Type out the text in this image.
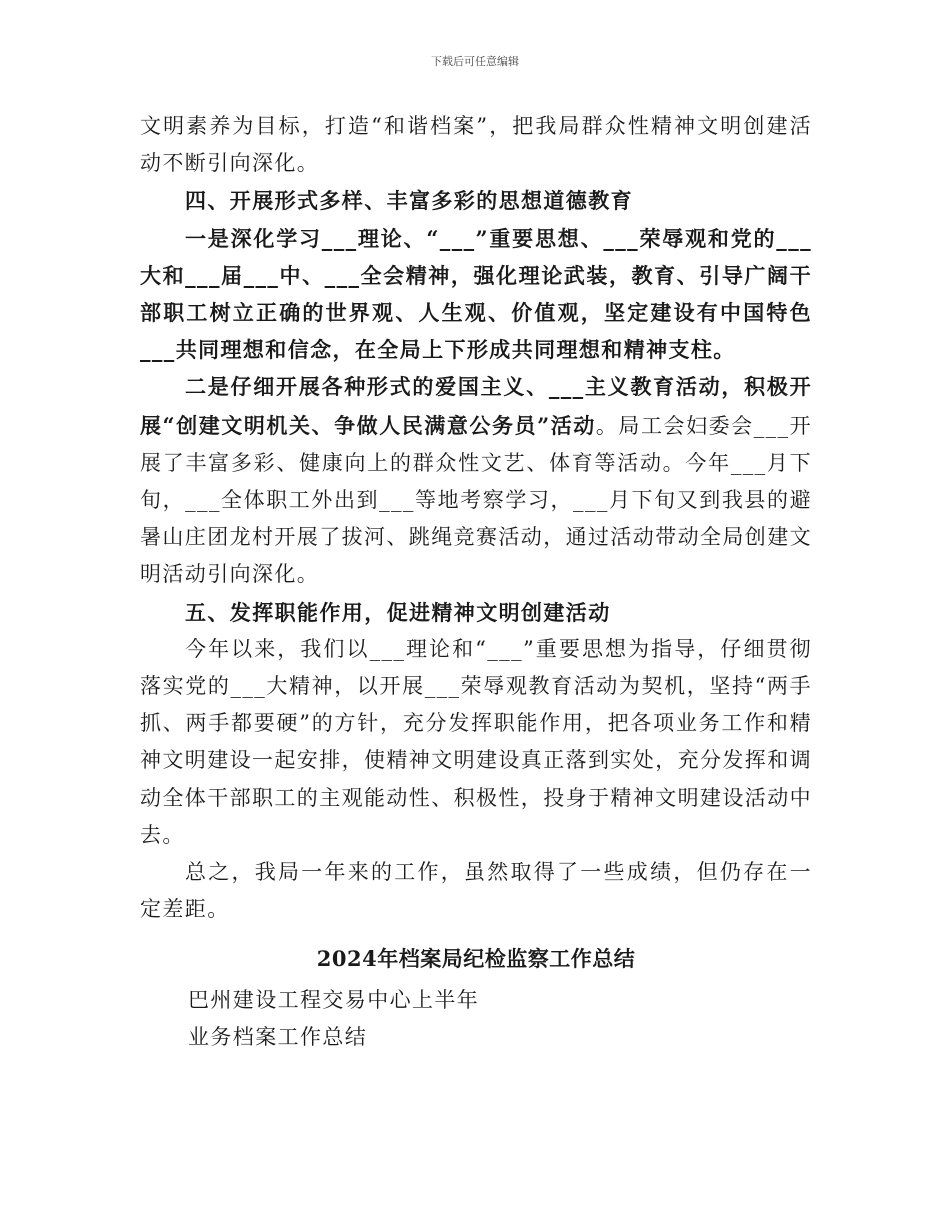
下载后可任意编辑

文明素养为目标，打造“和谐档案”，把我局群众性精神文明创建活动不断引向深化。

四、开展形式多样、丰富多彩的思想道德教育

一是深化学习___理论、“___”重要思想、___荣辱观和党的___大和___届___中、___全会精神，强化理论武装，教育、引导广阔干部职工树立正确的世界观、人生观、价值观，坚定建设有中国特色___共同理想和信念，在全局上下形成共同理想和精神支柱。

二是仔细开展各种形式的爱国主义、___主义教育活动，积极开展“创建文明机关、争做人民满意公务员”活动。局工会妇委会___开展了丰富多彩、健康向上的群众性文艺、体育等活动。今年___月下旬，___全体职工外出到___等地考察学习，___月下旬又到我县的避暑山庄团龙村开展了拔河、跳绳竞赛活动，通过活动带动全局创建文明活动引向深化。

五、发挥职能作用，促进精神文明创建活动

今年以来，我们以___理论和“___”重要思想为指导，仔细贯彻落实党的___大精神，以开展___荣辱观教育活动为契机，坚持“两手抓、两手都要硬”的方针，充分发挥职能作用，把各项业务工作和精神文明建设一起安排，使精神文明建设真正落到实处，充分发挥和调动全体干部职工的主观能动性、积极性，投身于精神文明建设活动中去。

总之，我局一年来的工作，虽然取得了一些成绩，但仍存在一定差距。

2024年档案局纪检监察工作总结

巴州建设工程交易中心上半年

业务档案工作总结
